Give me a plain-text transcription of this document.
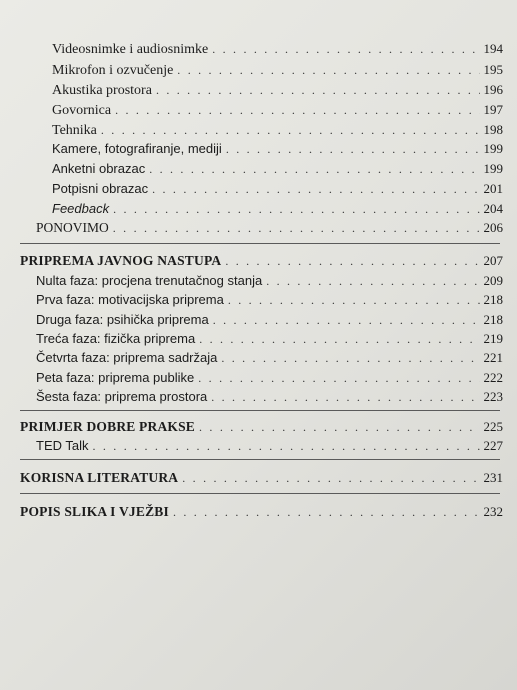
Videosnimke i audiosnimke . . .	194
Mikrofon i ozvučenje . . .	195
Akustika prostora . . .	196
Govornica . . .	197
Tehnika . . .	198
Kamere, fotografiranje, mediji . . .	199
Anketni obrazac . . .	199
Potpisni obrazac . . .	201
Feedback . . .	204
PONOVIMO . . .	206
PRIPREMA JAVNOG NASTUPA . . .	207
Nulta faza: procjena trenutačnog stanja . . .	209
Prva faza: motivacijska priprema . . .	218
Druga faza: psihička priprema . . .	218
Treća faza: fizička priprema . . .	219
Četvrta faza: priprema sadržaja . . .	221
Peta faza: priprema publike . . .	222
Šesta faza: priprema prostora . . .	223
PRIMJER DOBRE PRAKSE . . .	225
TED Talk . . .	227
KORISNA LITERATURA . . .	231
POPIS SLIKA I VJEŽBI . . .	232
